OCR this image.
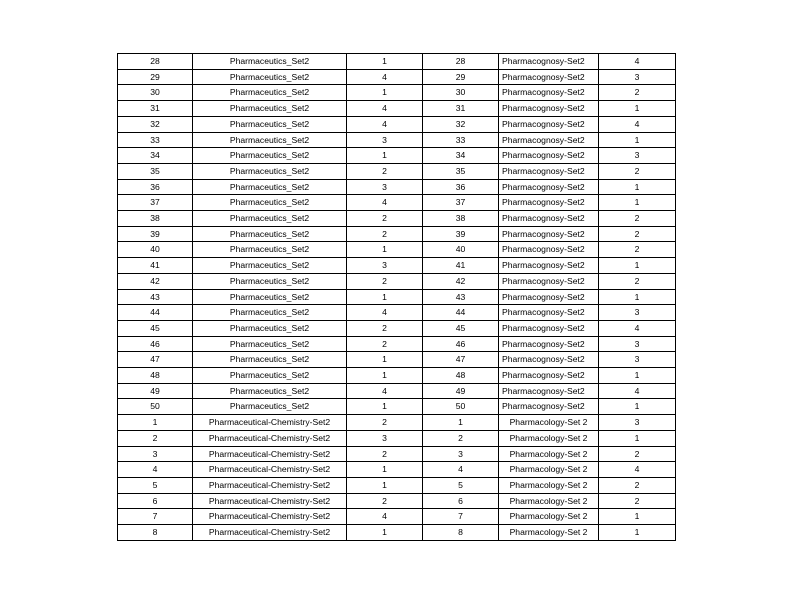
28	Pharmaceutics_Set2	1	28	Pharmacognosy-Set2	4
29	Pharmaceutics_Set2	4	29	Pharmacognosy-Set2	3
30	Pharmaceutics_Set2	1	30	Pharmacognosy-Set2	2
31	Pharmaceutics_Set2	4	31	Pharmacognosy-Set2	1
32	Pharmaceutics_Set2	4	32	Pharmacognosy-Set2	4
33	Pharmaceutics_Set2	3	33	Pharmacognosy-Set2	1
34	Pharmaceutics_Set2	1	34	Pharmacognosy-Set2	3
35	Pharmaceutics_Set2	2	35	Pharmacognosy-Set2	2
36	Pharmaceutics_Set2	3	36	Pharmacognosy-Set2	1
37	Pharmaceutics_Set2	4	37	Pharmacognosy-Set2	1
38	Pharmaceutics_Set2	2	38	Pharmacognosy-Set2	2
39	Pharmaceutics_Set2	2	39	Pharmacognosy-Set2	2
40	Pharmaceutics_Set2	1	40	Pharmacognosy-Set2	2
41	Pharmaceutics_Set2	3	41	Pharmacognosy-Set2	1
42	Pharmaceutics_Set2	2	42	Pharmacognosy-Set2	2
43	Pharmaceutics_Set2	1	43	Pharmacognosy-Set2	1
44	Pharmaceutics_Set2	4	44	Pharmacognosy-Set2	3
45	Pharmaceutics_Set2	2	45	Pharmacognosy-Set2	4
46	Pharmaceutics_Set2	2	46	Pharmacognosy-Set2	3
47	Pharmaceutics_Set2	1	47	Pharmacognosy-Set2	3
48	Pharmaceutics_Set2	1	48	Pharmacognosy-Set2	1
49	Pharmaceutics_Set2	4	49	Pharmacognosy-Set2	4
50	Pharmaceutics_Set2	1	50	Pharmacognosy-Set2	1
1	Pharmaceutical-Chemistry-Set2	2	1	Pharmacology-Set 2	3
2	Pharmaceutical-Chemistry-Set2	3	2	Pharmacology-Set 2	1
3	Pharmaceutical-Chemistry-Set2	2	3	Pharmacology-Set 2	2
4	Pharmaceutical-Chemistry-Set2	1	4	Pharmacology-Set 2	4
5	Pharmaceutical-Chemistry-Set2	1	5	Pharmacology-Set 2	2
6	Pharmaceutical-Chemistry-Set2	2	6	Pharmacology-Set 2	2
7	Pharmaceutical-Chemistry-Set2	4	7	Pharmacology-Set 2	1
8	Pharmaceutical-Chemistry-Set2	1	8	Pharmacology-Set 2	1
